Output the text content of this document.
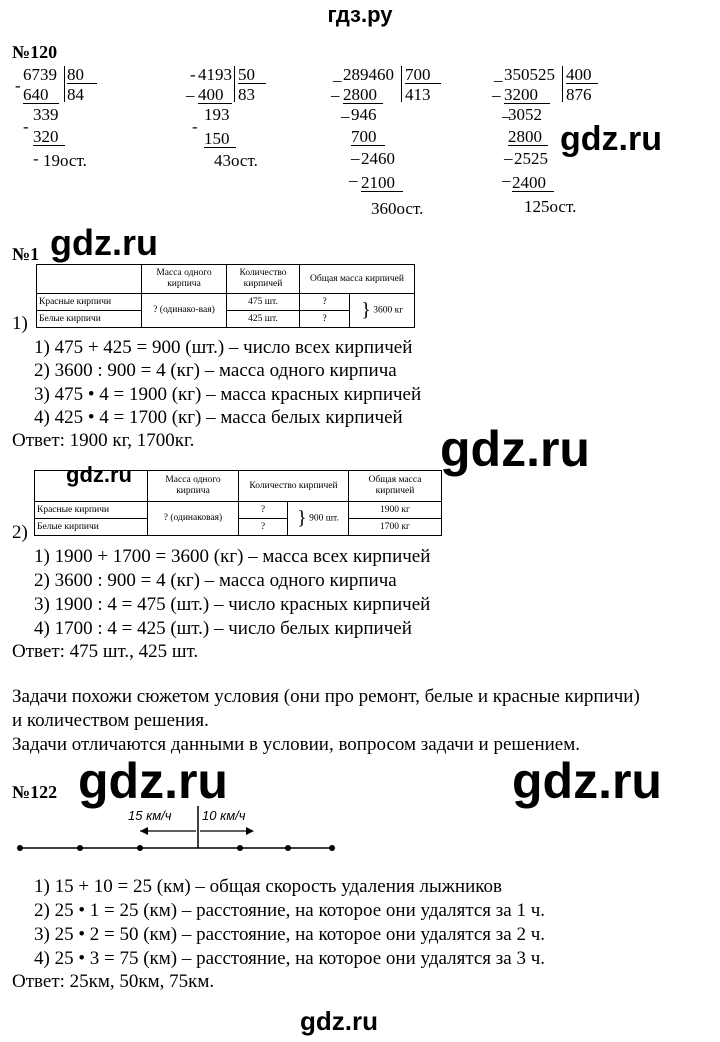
гдз.ру
№120
6739 80
84
- 640
339
-
320
- 19ост.
- 4193 50
83
_ 400
193
-
150
43ост.
_ 289460 700
413
_ 2800
_ 946
700
_ 2460
_ 2100
360ост.
_ 350525 400
876
_ 3200
_
3052
2800
_ 2525
_ 2400
125ост.
gdz.ru
gdz.ru
gdz.ru
gdz.ru
gdz.ru	gdz.ru
gdz.ru
№1
1)
	Масса одного кирпича	Количество кирпичей	Общая масса кирпичей	
Красные кирпичи	? (одинако-вая)	475 шт.	?	} 3600 кг
Белые кирпичи		425 шт.	?	
1) 475 + 425 = 900 (шт.) – число всех кирпичей
2) 3600 : 900 = 4 (кг) – масса одного кирпича
3) 475 • 4 = 1900 (кг) – масса красных кирпичей
4) 425 • 4 = 1700 (кг) – масса белых кирпичей
Ответ: 1900 кг, 1700кг.
	Масса одного кирпича	Количество кирпичей		Общая масса кирпичей
Красные кирпичи	? (одинаковая)	?	} 900 шт.	1900 кг
Белые кирпичи		?		1700 кг
2)
1) 1900 + 1700 = 3600 (кг) – масса всех кирпичей
2) 3600 : 900 = 4 (кг) – масса одного кирпича
3) 1900 : 4 = 475 (шт.) – число красных кирпичей
4) 1700 : 4 = 425 (шт.) – число белых кирпичей
Ответ: 475 шт., 425 шт.
Задачи похожи сюжетом условия (они про ремонт, белые и красные кирпичи)
и количеством решения.
Задачи отличаются данными в условии, вопросом задачи и решением.
№122
15 км/ч 10 км/ч
1) 15 + 10 = 25 (км) – общая скорость удаления лыжников
2) 25 • 1 = 25 (км) – расстояние, на которое они удалятся за 1 ч.
3) 25 • 2 = 50 (км) – расстояние, на которое они удалятся за 2 ч.
4) 25 • 3 = 75 (км) – расстояние, на которое они удалятся за 3 ч.
Ответ: 25км, 50км, 75км.
